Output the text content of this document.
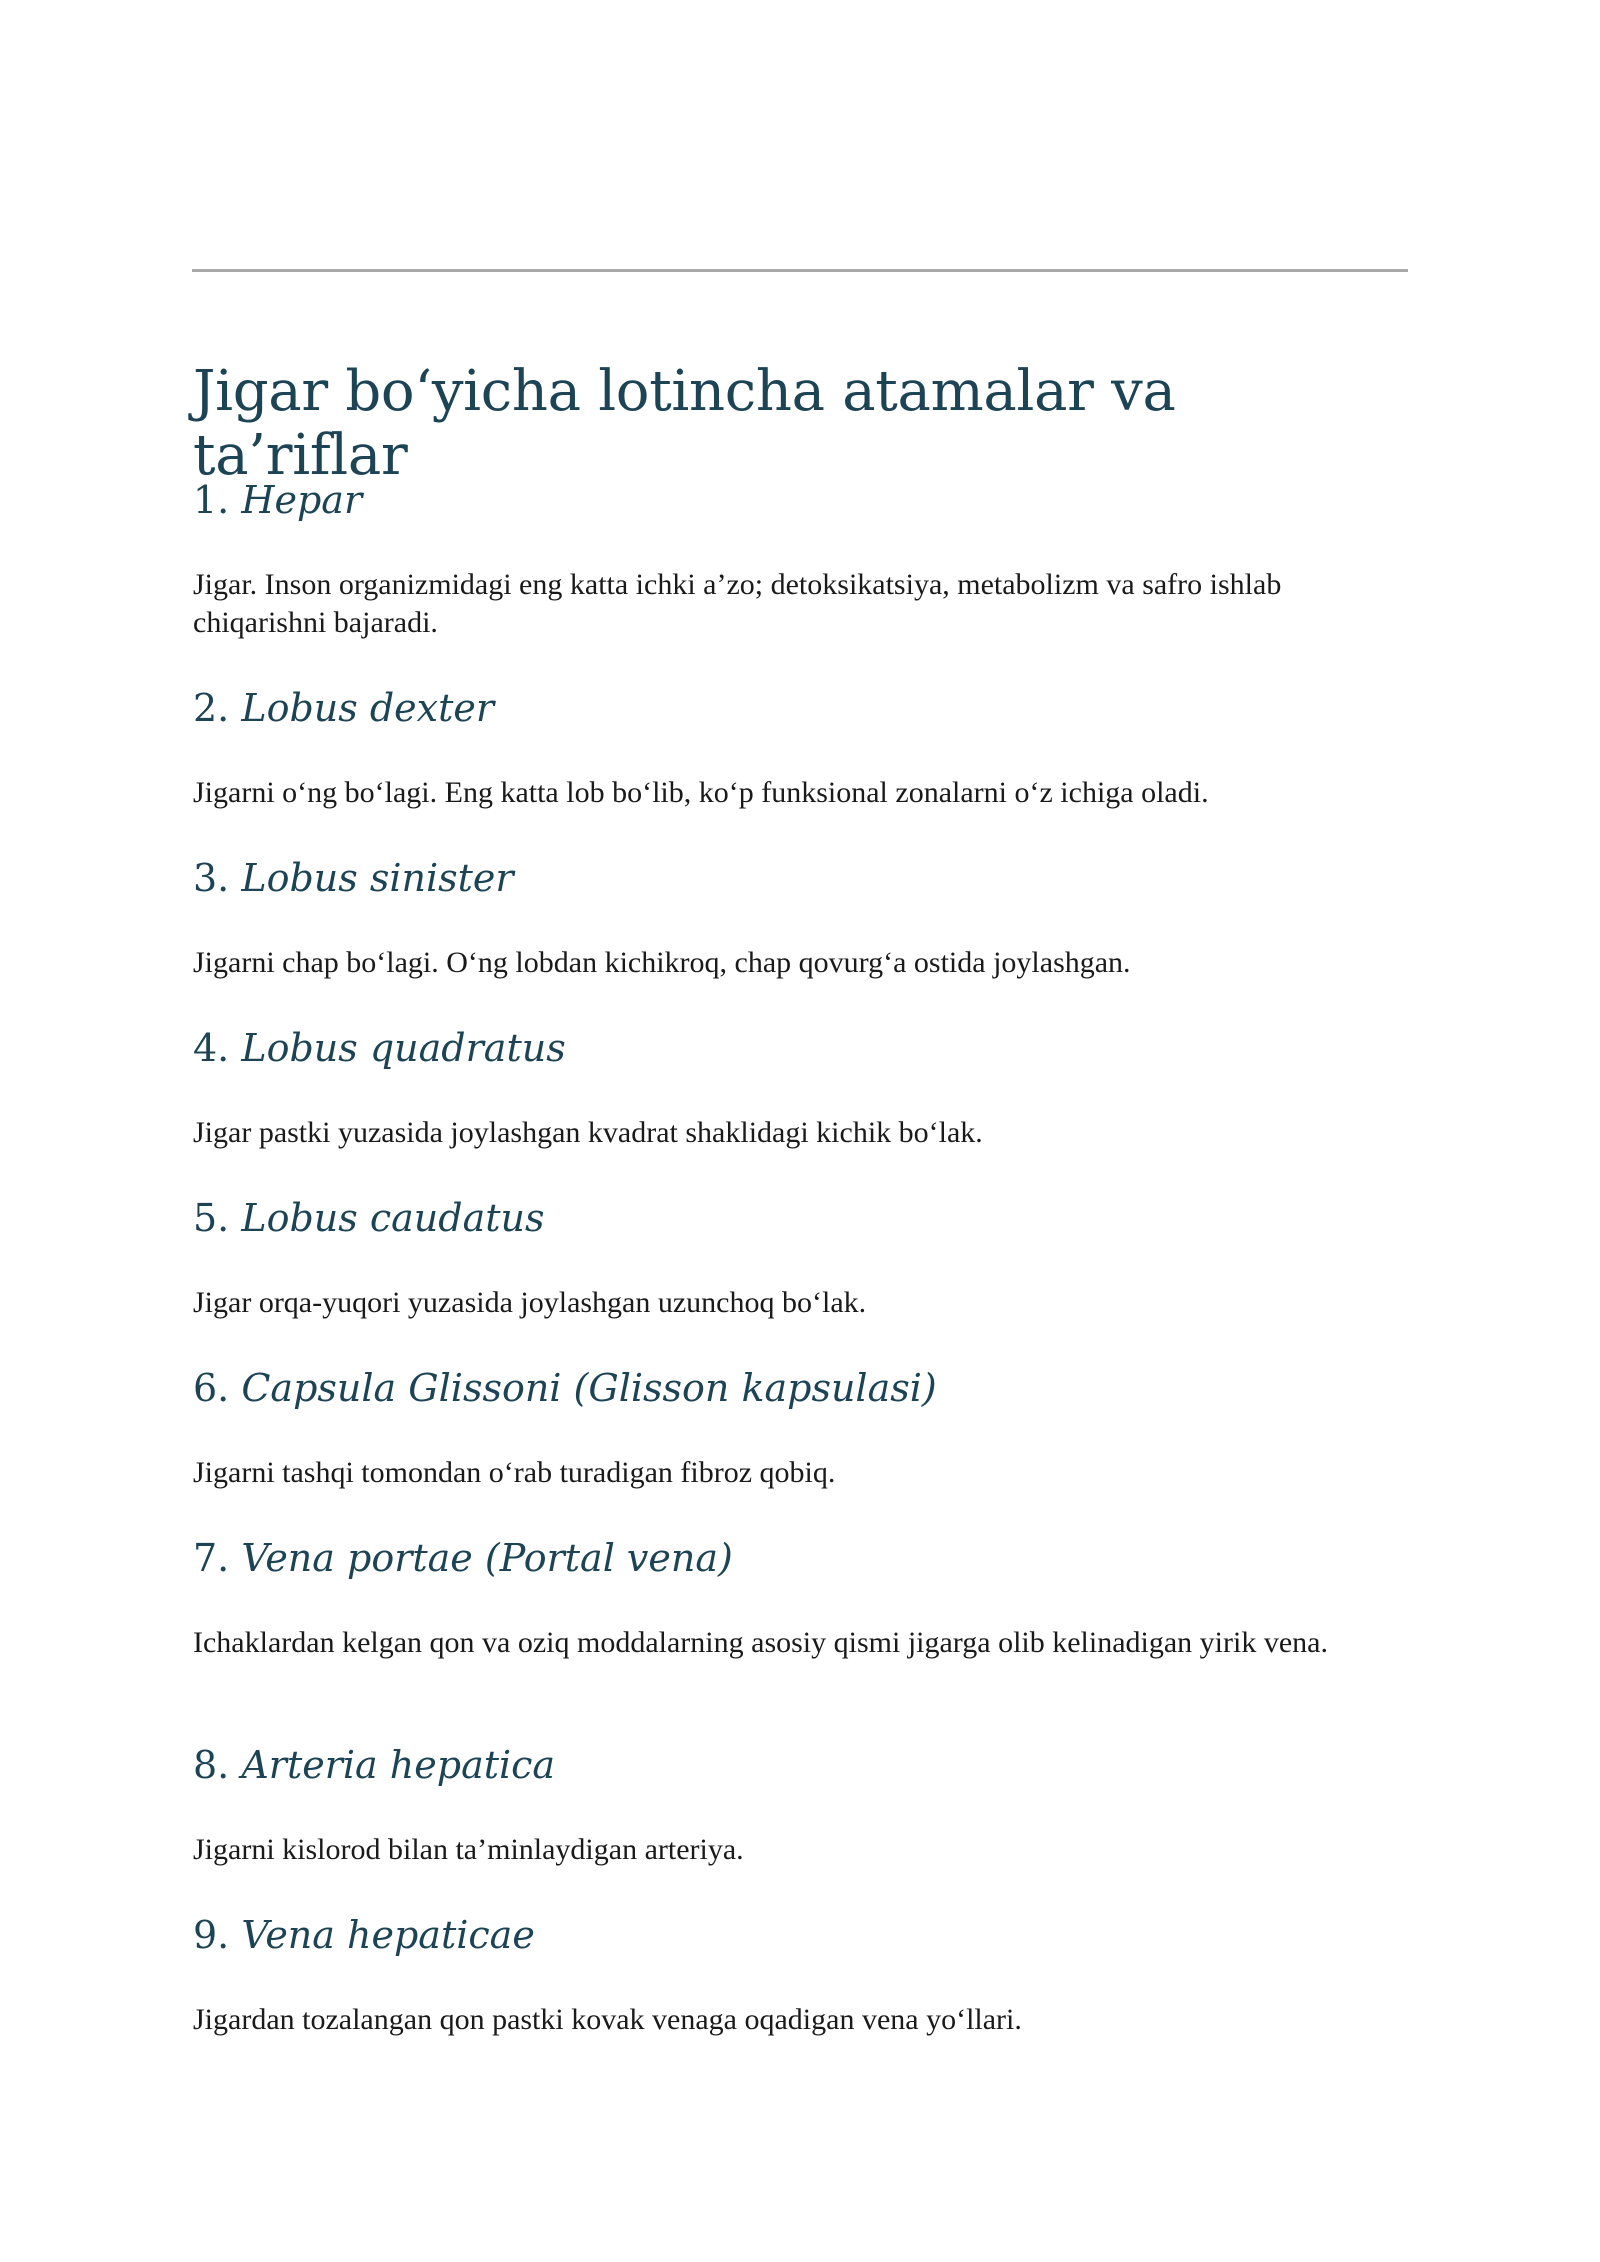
Jigar bo‘yicha lotincha atamalar va ta’riflar
1. Hepar

Jigar. Inson organizmidagi eng katta ichki a’zo; detoksikatsiya, metabolizm va safro ishlab chiqarishni bajaradi.

2. Lobus dexter

Jigarni o‘ng bo‘lagi. Eng katta lob bo‘lib, ko‘p funksional zonalarni o‘z ichiga oladi.

3. Lobus sinister

Jigarni chap bo‘lagi. O‘ng lobdan kichikroq, chap qovurg‘a ostida joylashgan.

4. Lobus quadratus

Jigar pastki yuzasida joylashgan kvadrat shaklidagi kichik bo‘lak.

5. Lobus caudatus

Jigar orqa-yuqori yuzasida joylashgan uzunchoq bo‘lak.

6. Capsula Glissoni (Glisson kapsulasi)

Jigarni tashqi tomondan o‘rab turadigan fibroz qobiq.

7. Vena portae (Portal vena)

Ichaklardan kelgan qon va oziq moddalarning asosiy qismi jigarga olib kelinadigan yirik vena.

8. Arteria hepatica

Jigarni kislorod bilan ta’minlaydigan arteriya.

9. Vena hepaticae

Jigardan tozalangan qon pastki kovak venaga oqadigan vena yo‘llari.
